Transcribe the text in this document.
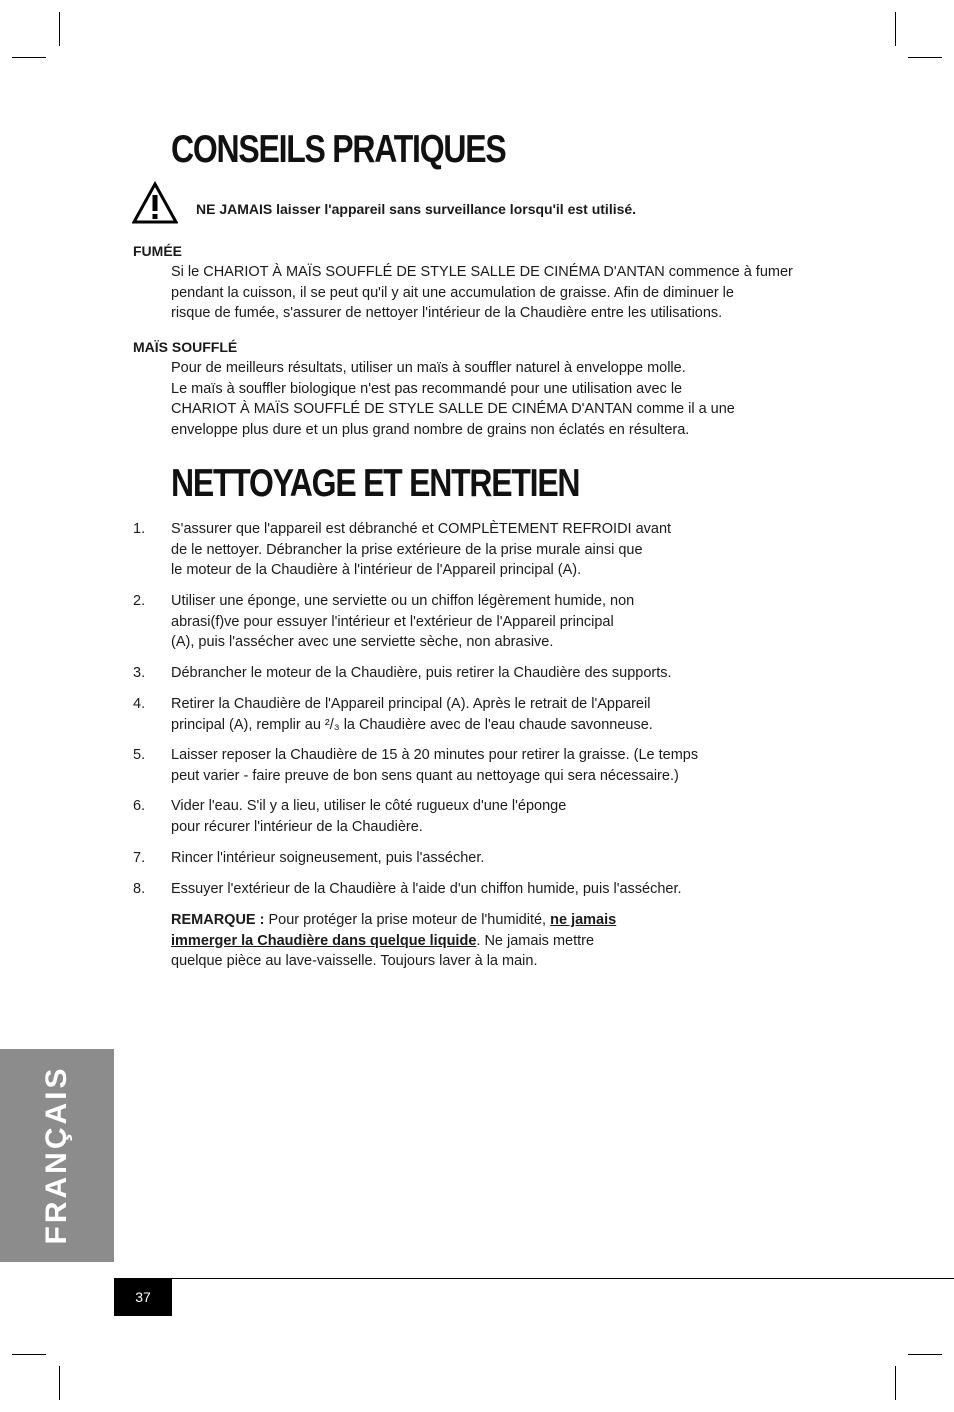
CONSEILS PRATIQUES
NE JAMAIS laisser l'appareil sans surveillance lorsqu'il est utilisé.
FUMÉE
Si le CHARIOT À MAÏS SOUFFLÉ DE STYLE SALLE DE CINÉMA D'ANTAN commence à fumer
pendant la cuisson, il se peut qu'il y ait une accumulation de graisse. Afin de diminuer le
risque de fumée, s'assurer de nettoyer l'intérieur de la Chaudière entre les utilisations.
MAÏS SOUFFLÉ
Pour de meilleurs résultats, utiliser un maïs à souffler naturel à enveloppe molle.
Le maïs à souffler biologique n'est pas recommandé pour une utilisation avec le
CHARIOT À MAÏS SOUFFLÉ DE STYLE SALLE DE CINÉMA D'ANTAN comme il a une
enveloppe plus dure et un plus grand nombre de grains non éclatés en résultera.
NETTOYAGE ET ENTRETIEN
1.	S'assurer que l'appareil est débranché et COMPLÈTEMENT REFROIDI avant
de le nettoyer. Débrancher la prise extérieure de la prise murale ainsi que
le moteur de la Chaudière à l'intérieur de l'Appareil principal (A).
2.	Utiliser une éponge, une serviette ou un chiffon légèrement humide, non
abrasi(f)ve pour essuyer l'intérieur et l'extérieur de l'Appareil principal
(A), puis l'assécher avec une serviette sèche, non abrasive.
3.	Débrancher le moteur de la Chaudière, puis retirer la Chaudière des supports.
4.	Retirer la Chaudière de l'Appareil principal (A). Après le retrait de l'Appareil
principal (A), remplir au ²/₃ la Chaudière avec de l'eau chaude savonneuse.
5.	Laisser reposer la Chaudière de 15 à 20 minutes pour retirer la graisse. (Le temps
peut varier - faire preuve de bon sens quant au nettoyage qui sera nécessaire.)
6.	Vider l'eau. S'il y a lieu, utiliser le côté rugueux d'une l'éponge
pour récurer l'intérieur de la Chaudière.
7.	Rincer l'intérieur soigneusement, puis l'assécher.
8.	Essuyer l'extérieur de la Chaudière à l'aide d'un chiffon humide, puis l'assécher.
REMARQUE : Pour protéger la prise moteur de l'humidité, ne jamais
immerger la Chaudière dans quelque liquide. Ne jamais mettre
quelque pièce au lave-vaisselle. Toujours laver à la main.
FRANÇAIS
37
